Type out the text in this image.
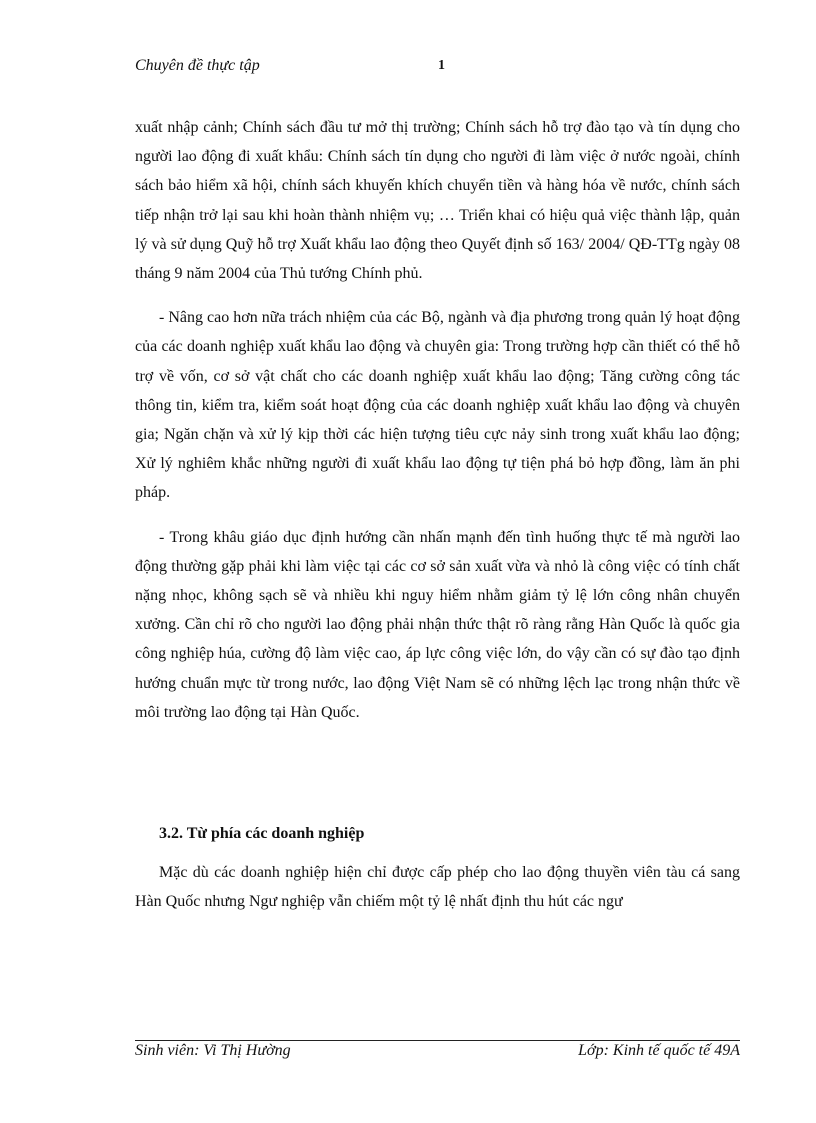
Chuyên đề thực tập	1

xuất nhập cảnh; Chính sách đầu tư mở thị trường; Chính sách hỗ trợ đào tạo và tín dụng cho người lao động đi xuất khẩu: Chính sách tín dụng cho người đi làm việc ở nước ngoài, chính sách bảo hiểm xã hội, chính sách khuyến khích chuyển tiền và hàng hóa về nước, chính sách tiếp nhận trở lại sau khi hoàn thành nhiệm vụ; … Triển khai có hiệu quả việc thành lập, quản lý và sử dụng Quỹ hỗ trợ Xuất khẩu lao động theo Quyết định số 163/ 2004/ QĐ-TTg ngày 08 tháng 9 năm 2004 của Thủ tướng Chính phủ.

- Nâng cao hơn nữa trách nhiệm của các Bộ, ngành và địa phương trong quản lý hoạt động của các doanh nghiệp xuất khẩu lao động và chuyên gia: Trong trường hợp cần thiết có thể hỗ trợ về vốn, cơ sở vật chất cho các doanh nghiệp xuất khẩu lao động; Tăng cường công tác thông tin, kiểm tra, kiểm soát hoạt động của các doanh nghiệp xuất khẩu lao động và chuyên gia; Ngăn chặn và xử lý kịp thời các hiện tượng tiêu cực nảy sinh trong xuất khẩu lao động; Xử lý nghiêm khắc những người đi xuất khẩu lao động tự tiện phá bỏ hợp đồng, làm ăn phi pháp.

- Trong khâu giáo dục định hướng cần nhấn mạnh đến tình huống thực tế mà người lao động thường gặp phải khi làm việc tại các cơ sở sản xuất vừa và nhỏ là công việc có tính chất nặng nhọc, không sạch sẽ và nhiều khi nguy hiểm nhằm giảm tỷ lệ lớn công nhân chuyển xưởng. Cần chỉ rõ cho người lao động phải nhận thức thật rõ ràng rằng Hàn Quốc là quốc gia công nghiệp húa, cường độ làm việc cao, áp lực công việc lớn, do vậy cần có sự đào tạo định hướng chuẩn mực từ trong nước, lao động Việt Nam sẽ có những lệch lạc trong nhận thức về môi trường lao động tại Hàn Quốc.

3.2. Từ phía các doanh nghiệp

Mặc dù các doanh nghiệp hiện chỉ được cấp phép cho lao động thuyền viên tàu cá sang Hàn Quốc nhưng Ngư nghiệp vẫn chiếm một tỷ lệ nhất định thu hút các ngư

Sinh viên: Vi Thị Hường	Lớp: Kinh tế quốc tế 49A
